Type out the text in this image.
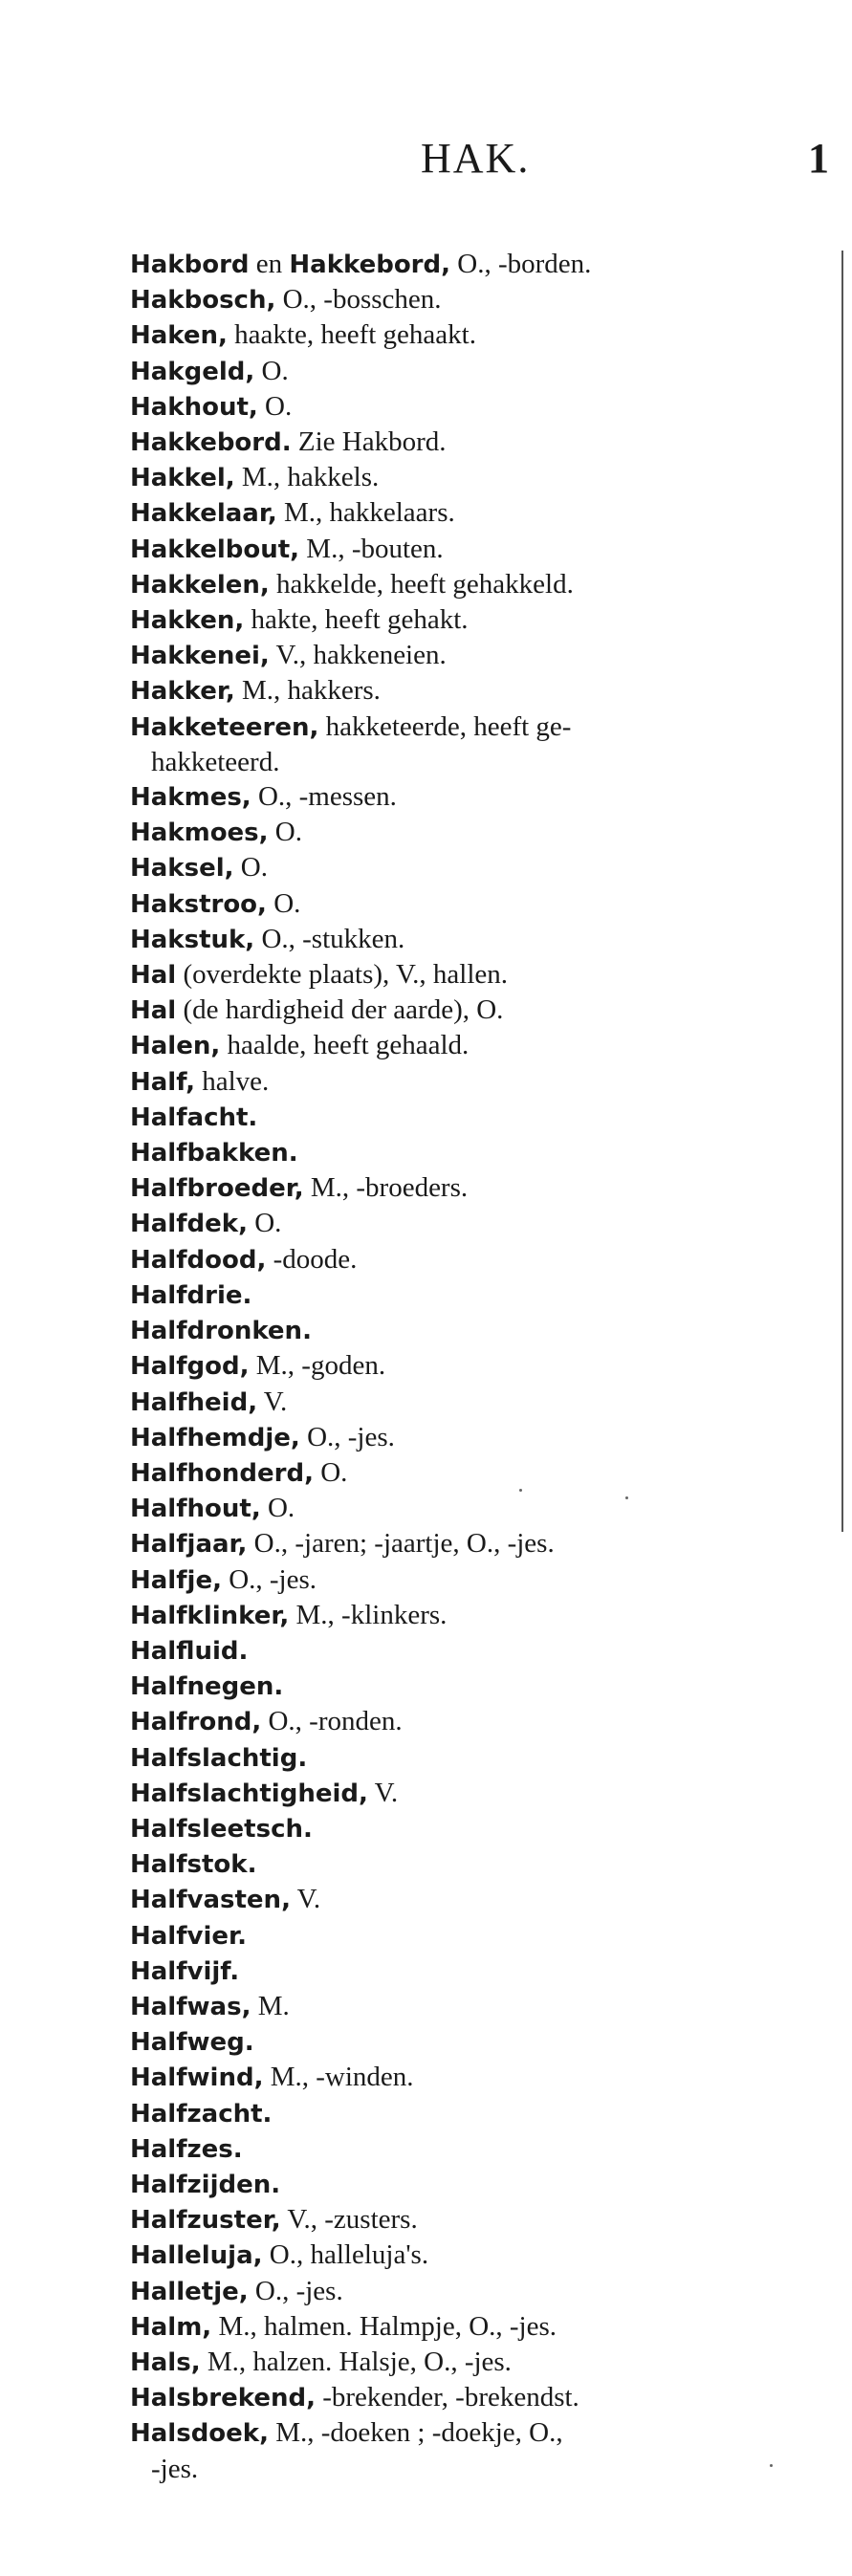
HAK.	1
Hakbord en Hakkebord, O., -borden.
Hakbosch, O., -bosschen.
Haken, haakte, heeft gehaakt.
Hakgeld, O.
Hakhout, O.
Hakkebord. Zie Hakbord.
Hakkel, M., hakkels.
Hakkelaar, M., hakkelaars.
Hakkelbout, M., -bouten.
Hakkelen, hakkelde, heeft gehakkeld.
Hakken, hakte, heeft gehakt.
Hakkenei, V., hakkeneien.
Hakker, M., hakkers.
Hakketeeren, hakketeerde, heeft ge-
hakketeerd.
Hakmes, O., -messen.
Hakmoes, O.
Haksel, O.
Hakstroo, O.
Hakstuk, O., -stukken.
Hal (overdekte plaats), V., hallen.
Hal (de hardigheid der aarde), O.
Halen, haalde, heeft gehaald.
Half, halve.
Halfacht.
Halfbakken.
Halfbroeder, M., -broeders.
Halfdek, O.
Halfdood, -doode.
Halfdrie.
Halfdronken.
Halfgod, M., -goden.
Halfheid, V.
Halfhemdje, O., -jes.
Halfhonderd, O.
Halfhout, O.
Halfjaar, O., -jaren; -jaartje, O., -jes.
Halfje, O., -jes.
Halfklinker, M., -klinkers.
Halfluid.
Halfnegen.
Halfrond, O., -ronden.
Halfslachtig.
Halfslachtigheid, V.
Halfsleetsch.
Halfstok.
Halfvasten, V.
Halfvier.
Halfvijf.
Halfwas, M.
Halfweg.
Halfwind, M., -winden.
Halfzacht.
Halfzes.
Halfzijden.
Halfzuster, V., -zusters.
Halleluja, O., halleluja's.
Halletje, O., -jes.
Halm, M., halmen. Halmpje, O., -jes.
Hals, M., halzen. Halsje, O., -jes.
Halsbrekend, -brekender, -brekendst.
Halsdoek, M., -doeken ; -doekje, O.,
-jes.
